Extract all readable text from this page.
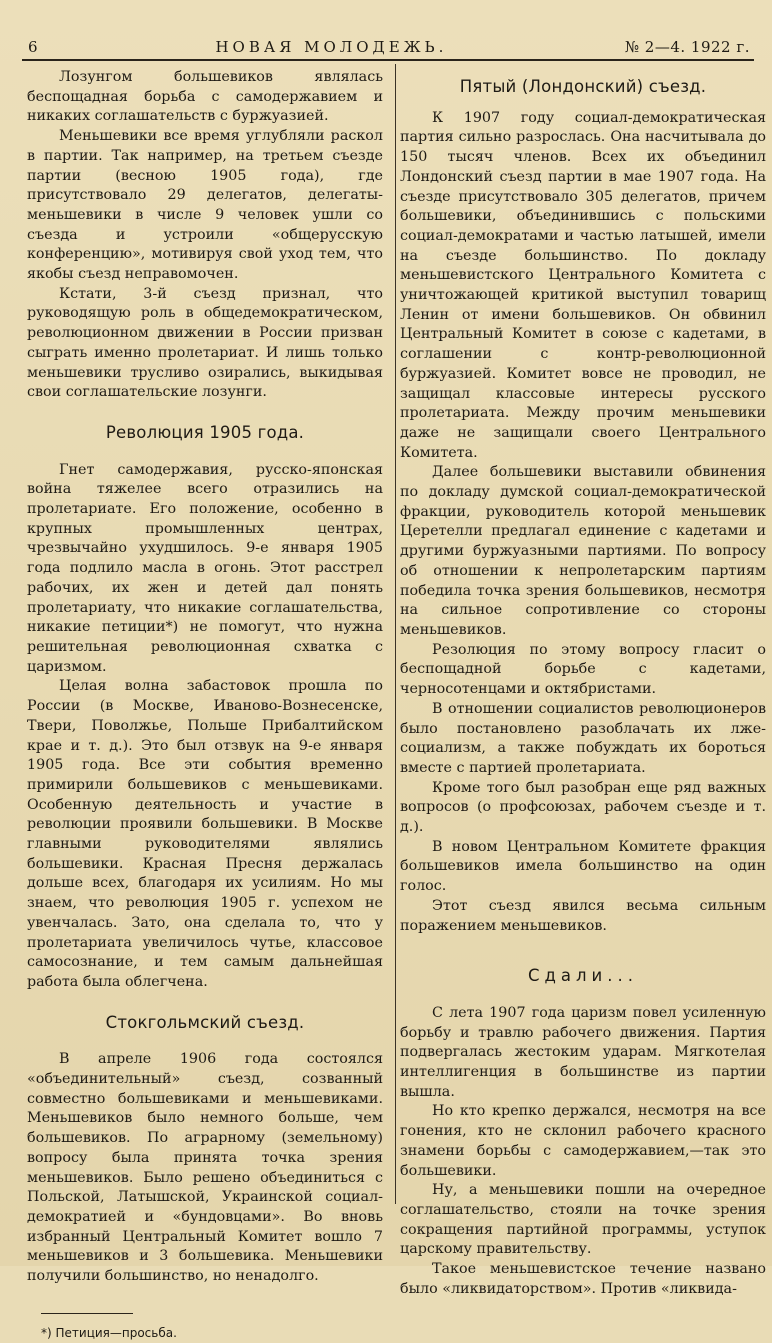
6	НОВАЯ МОЛОДЕЖЬ.	№ 2—4. 1922 г.

Лозунгом большевиков являлась беспощадная борьба с самодержавием и никаких соглашательств с буржуазией.

Меньшевики все время углубляли раскол в партии. Так например, на третьем съезде партии (весною 1905 года), где присутствовало 29 делегатов, делегаты-меньшевики в числе 9 человек ушли со съезда и устроили «общерусскую конференцию», мотивируя свой уход тем, что якобы съезд неправомочен.

Кстати, 3-й съезд признал, что руководящую роль в общедемократическом, революционном движении в России призван сыграть именно пролетариат. И лишь только меньшевики трусливо озирались, выкидывая свои соглашательские лозунги.

Революция 1905 года.

Гнет самодержавия, русско-японская война тяжелее всего отразились на пролетариате. Его положение, особенно в крупных промышленных центрах, чрезвычайно ухудшилось. 9-е января 1905 года подлило масла в огонь. Этот расстрел рабочих, их жен и детей дал понять пролетариату, что никакие соглашательства, никакие петиции*) не помогут, что нужна решительная революционная схватка с царизмом.

Целая волна забастовок прошла по России (в Москве, Иваново-Вознесенске, Твери, Поволжье, Польше Прибалтийском крае и т. д.). Это был отзвук на 9-е января 1905 года. Все эти события временно примирили большевиков с меньшевиками. Особенную деятельность и участие в революции проявили большевики. В Москве главными руководителями являлись большевики. Красная Пресня держалась дольше всех, благодаря их усилиям. Но мы знаем, что революция 1905 г. успехом не увенчалась. Зато, она сделала то, что у пролетариата увеличилось чутье, классовое самосознание, и тем самым дальнейшая работа была облегчена.

Стокгольмский съезд.

В апреле 1906 года состоялся «объединительный» съезд, созванный совместно большевиками и меньшевиками. Меньшевиков было немного больше, чем большевиков. По аграрному (земельному) вопросу была принята точка зрения меньшевиков. Было решено объединиться с Польской, Латышской, Украинской социал-демократией и «бундовцами». Во вновь избранный Центральный Комитет вошло 7 меньшевиков и 3 большевика. Меньшевики получили большинство, но ненадолго.

*) Петиция—просьба.

Пятый (Лондонский) съезд.

К 1907 году социал-демократическая партия сильно разрослась. Она насчитывала до 150 тысяч членов. Всех их объединил Лондонский съезд партии в мае 1907 года. На съезде присутствовало 305 делегатов, причем большевики, объединившись с польскими социал-демократами и частью латышей, имели на съезде большинство. По докладу меньшевистского Центрального Комитета с уничтожающей критикой выступил товарищ Ленин от имени большевиков. Он обвинил Центральный Комитет в союзе с кадетами, в соглашении с контр-революционной буржуазией. Комитет вовсе не проводил, не защищал классовые интересы русского пролетариата. Между прочим меньшевики даже не защищали своего Центрального Комитета.

Далее большевики выставили обвинения по докладу думской социал-демократической фракции, руководитель которой меньшевик Церетелли предлагал единение с кадетами и другими буржуазными партиями. По вопросу об отношении к непролетарским партиям победила точка зрения большевиков, несмотря на сильное сопротивление со стороны меньшевиков.

Резолюция по этому вопросу гласит о беспощадной борьбе с кадетами, черносотенцами и октябристами.

В отношении социалистов революционеров было постановлено разоблачать их лже-социализм, а также побуждать их бороться вместе с партией пролетариата.

Кроме того был разобран еще ряд важных вопросов (о профсоюзах, рабочем съезде и т. д.).

В новом Центральном Комитете фракция большевиков имела большинство на один голос.

Этот съезд явился весьма сильным поражением меньшевиков.

Сдали...

С лета 1907 года царизм повел усиленную борьбу и травлю рабочего движения. Партия подвергалась жестоким ударам. Мягкотелая интеллигенция в большинстве из партии вышла.

Но кто крепко держался, несмотря на все гонения, кто не склонил рабочего красного знамени борьбы с самодержавием,—так это большевики.

Ну, а меньшевики пошли на очередное соглашательство, стояли на точке зрения сокращения партийной программы, уступок царскому правительству.

Такое меньшевистское течение названо было «ликвидаторством». Против «ликвида-
